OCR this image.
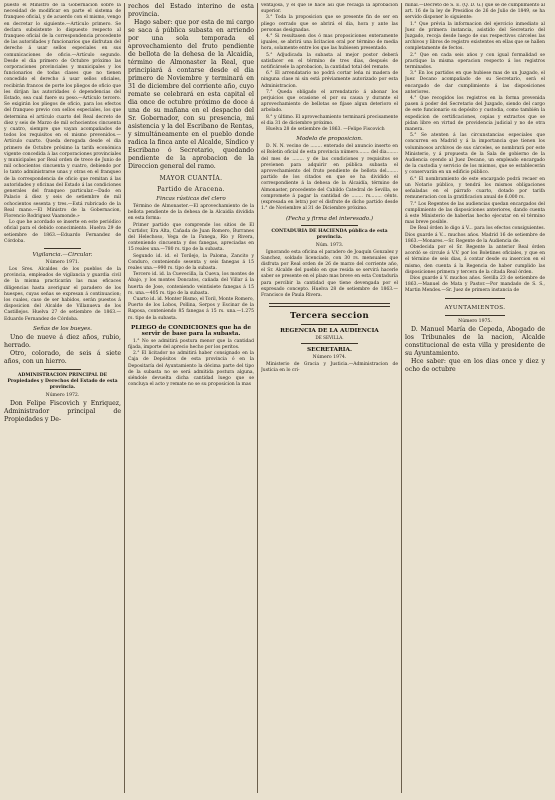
puesto el Ministro de la Gobernacion sobre la necesidad de modificar en parte el sistema de franqueo oficial, y de acuerdo con el mismo, vengo en decretar lo siguiente.—Artículo primero. Se declara subsistente lo dispuesto respecto al franqueo oficial de la correspondencia procedente de las autoridades y funcionarios que disfrutan del derecho á usar sellos especiales en sus comunicaciones de oficio.—Artículo segundo. Desde el dia primero de Octubre próximo las corporaciones provinciales y municipales y los funcionarios de todas clases que no tienen concedido el derecho á usar sellos oficiales, recibirán francos de porte los pliegos de oficio que les dirijan las autoridades ó dependencias del Estado, sea cual fuere su peso.—Artículo tercero. Se exigirán los pliegos de oficio, para los efectos del franqueo previo con sellos especiales, los que determina el artículo cuarto del Real decreto de diez y seis de Marzo de mil ochocientos cincuenta y cuatro, siempre que vayan acompañados de todos los requisitos en el mismo prevenidos.—Artículo cuarto. Queda derogada desde el dia primero de Octubre próximo la tarifa económica vigente concedida á las corporaciones provinciales y municipales por Real orden de trece de Junio de mil ochocientos cincuenta y cuatro, debiendo por lo tanto administrarse unas y otras en el franqueo de la correspondencia de oficio que remitan á las autoridades y oficinas del Estado á las condiciones generales del franqueo particular.—Dado en Palacio á diez y seis de setiembre de mil ochocientos sesenta y tres.—Está rubricado de la Real mano.—El Ministro de la Gobernacion, Florencio Rodriguez Vaamonde.»

Lo que he acordado se inserte en este periódico oficial para el debido conocimiento. Huelva 29 de setiembre de 1863.—Eduardo Fernandez de Córdoba.

Vigilancia.—Circular.
Número 1971.

Los Sres. Alcaldes de los pueblos de la provincia, empleados de vigilancia y guardia civil de la misma practicarán las mas eficaces diligencias hasta averiguar el paradero de los huespes, cuyas señas se expresan á continuacion; los cuales, caso de ser habidos, serán puestos á disposicion del Alcalde de Villanueva de los Castillejos. Huelva 27 de setiembre de 1863.—Eduardo Fernandez de Córdoba.

Señas de los bueyes.

Uno de nueve á diez años, rubio, herrado.

Otro, colorado, de seis á siete años, con un hierro.

ADMINISTRACION PRINCIPAL DE Propiedades y Derechos del Estado de esta provincia.
Número 1972.

Don Felipe Fiscovich y Enriquez, Administrador principal de Propiedades y De-

rechos del Estado interino de esta provincia.

Hago saber: que por esta de mi cargo se saca á pública subasta en arriendo por una sola temporada el aprovechamiento del fruto pendiente de bellota de la dehesa de la Alcaidía, término de Almonaster la Real, que principiará á contarse desde el dia primero de Noviembre y terminará en 31 de diciembre del corriente año, cuyo remate se celebrará en esta capital el dia once de octubre próximo de doce á una de su mañana en el despacho del Sr. Gobernador, con su presencia, mi asistencia y la del Escribano de Rentas, y simultáneamente en el pueblo donde radica la finca ante el Alcalde, Síndico y Escribano ó Secretario, quedando pendiente de la aprobacion de la Direccion general del ramo.

MAYOR CUANTÍA.
Partido de Aracena.
Fincas rústicas del clero

Término de Almonaster.—El aprovechamiento de la bellota pendiente de la dehesa de la Alcaidía dividida en esta forma:

Primer partido que comprende los sitios de El Curtidor, Era Alta, Cañada de Juan Romero, Burranes del Helechoso, Vega de la Fanega, Río y Rivera, conteniendo cincuenta y dos fanegas, apreciadas en 15 reales una.—780 rs. tipo de la subasta.

Segundo id. id. el Torilejo, la Paloma, Zancito y Conduro, conteniendo sesenta y seis fanegas á 15 reales una.—990 rs. tipo de la subasta.

Tercero id. id. la Cuevecilla, la Cueva, los montes de Abajo, y los montes Doncatos, cañada del Villar á la huerta de Jose, conteniendo veintisiete fanegas á 15 rs. una.—405 rs. tipo de la subasta.

Cuarto id. id. Monter Bismo, el Toril, Monte Romero, Puerto de los Lobos, Pollina, Serpos y Escinar de la Raposa, conteniendo 85 fanegas á 15 rs. una.—1.275 rs. tipo de la subasta.

PLIEGO de CONDICIONES que ha de servir de base para la subasta.

1.° No se admitirá postura menor que la cantidad fijada, importe del aprecio hecho por los peritos.

2.° El licitador no admitirá haber consignado en la Caja de Depósitos de esta provincia ó en la Depositaría del Ayuntamiento la décima parte del tipo de la subasta no se será admitida postura alguna, siéndole devuelta dicha cantidad luego que se concluya el acto y remate no se su proposicion la mas

ventajosa, y el que le hace así que recaiga la aprobacion superior.

3.° Toda la proposicion que se presente fin de ser en pliego cerrado que se abrirá el dia, hora y ante las personas designadas.

4.° Si resultasen dos ó mas proposiciones enteramente iguales, se abrirá una licitacion oral por término de media hora, solamente entre los que las hubiesen presentado.

5.° Adjudicada la subasta al mejor postor deberá satisfacer en el término de tres dias, después de notificársele la aprobacion, la cantidad total del remate.

6.° El arrendatario no podrá cortar leña ni madera de ninguna clase ni sin está préviamente autorizado por esta Administracion.

7.° Queda obligado el arrendatario á abonar los perjuicios que ocasione el por su causa y durante el aprovechamiento de bellotas se fijase algun deterioro el arbolado.

8.° y último. El aprovechamiento terminará precisamente el dia 31 de diciembre próximo.

Huelva 28 de setiembre de 1863. —Felipe Fiscovich

Modelo de proposicion.

D. N. N. vecino de ........ enterado del anuncio inserto en el Boletin oficial de esta provincia número........ del dia........ del mes de ........ y de las condiciones y requisitos se previenen para adquirir en pública subasta el aprovechamiento del fruto pendiente de bellota del........ partido de los citados en que se ha dividido el correspondiente á la dehesa de la Alcaidía, término de Almonaster, procedente del Cabildo Catedral de Sevilla, se compromete á pagar la cantidad de ........ rs........ cénts. (expresada en letra) por el disfrute de dicho partido desde 1.° de Noviembre al 31 de Diciembre próximo.

(Fecha y firma del interesado.)
CONTADURIA DE HACIENDA pública de esta provincia.
Núm. 1973.

Ignorando esta oficina el paradero de Joaquín Gonzalez y Sanchez, soldado licenciado, con 30 rs. mensuales que disfruta por Real orden de 26 de marzo del corriente año, el Sr. Alcalde del pueblo en que resida se servirá hacerle saber se presente en el plazo mas breve en esta Contaduría para percibir la cantidad que tiene devengada por el expresado concepto. Huelva 28 de setiembre de 1863.—Francisco de Paula Rivera.

Tercera seccion
REGENCIA DE LA AUDIENCIA
DE SEVILLA.
SECRETARIA.
Número 1974.

Ministerio de Gracia y Justicia.—Administracion de Justicia en lo cri-

minal.—Decreto de S. E. (Q. D. G.) que se dé cumplimiento al art. 16 de la ley de Presidios de 26 de Julio de 1849, se ha servido disponer lo siguiente:

1.° Que prévia la informacion del ejercicio inmediato al Juez de primera instancia, asistido del Secretario del Juzgado, recoja desde luego de sus respectivos cárceles las archivos y libros de registro existentes en ellas que se hallen completamente de fectos.

2.° Que en cada seis años y con igual formalidad se practique la misma operacion respecto á los registros terminados.

3.° En los partidos en que hubiese mas de un Juzgado, el Juez Decano acompañado de su Secretario, será el encargado de dar cumplimiento á las disposiciones anteriores.

4.° Que recogidos los registros en la forma prevenida pasen á poder del Secretario del Juzgado, siendo del cargo de este funcionario su depósito y custodia, como también la expedicion de certificaciones, copias y extractos que se pidan libre en virtud de providencia judicial y no de otra manera.

5.° Se atenten á las circunstancias especiales que concurren en Madrid y á la importancia que tienen los voluminosos archivos de sus cárceles, se nombrará por este Ministerio, y á propuesta de la Sala de gobierno de la Audiencia oyendo al Juez Decano, un empleado encargado de la custodia y servicio de los mismos, que se establecerán y conservarán en un edificio público.

6.° El nombramiento de este encargado podrá recaer en un Notario público, y tendrá los mismos obligaciones señaladas en el párrafo cuarto, dotado por tarifa remuneracion con la gratificacion anual de 6.000 rs.

7.° Los Regentes de las audiencias quedan encargados del cumplimiento de las disposiciones anteriores, dando cuenta á este Ministerio de haberlas hecho ejecutar en el término mas breve posible.

De Real órden lo digo á V... para los efectos consiguientes. Dios guarde á V... muchos años. Madrid 16 de setiembre de 1863.—Monares.—Sr. Regente de la Audiencia de.

Obedecida por el Sr. Regente la anterior Real órden acordó se circule á V.V. por los Boletines oficiales, y que en el término de seis dias, á contar desde su insercion en el mismo, den cuenta á la Regencia de haber cumplido las disposiciones primera y tercera de la citada Real órden.

Dios guarde á V. muchos años. Sevilla 23 de setiembre de 1863.—Manuel de Mata y Pastor.—Por mandado de S. S., Martin Mendes.—Sr. Juez de primera instancia de

AYUNTAMIENTOS.
Número 1975.

D. Manuel María de Cepeda, Abogado de los Tribunales de la nacion, Alcalde constitucional de esta villa y presidente de su Ayuntamiento.

Hce saber: que en los dias once y diez y ocho de octubre
